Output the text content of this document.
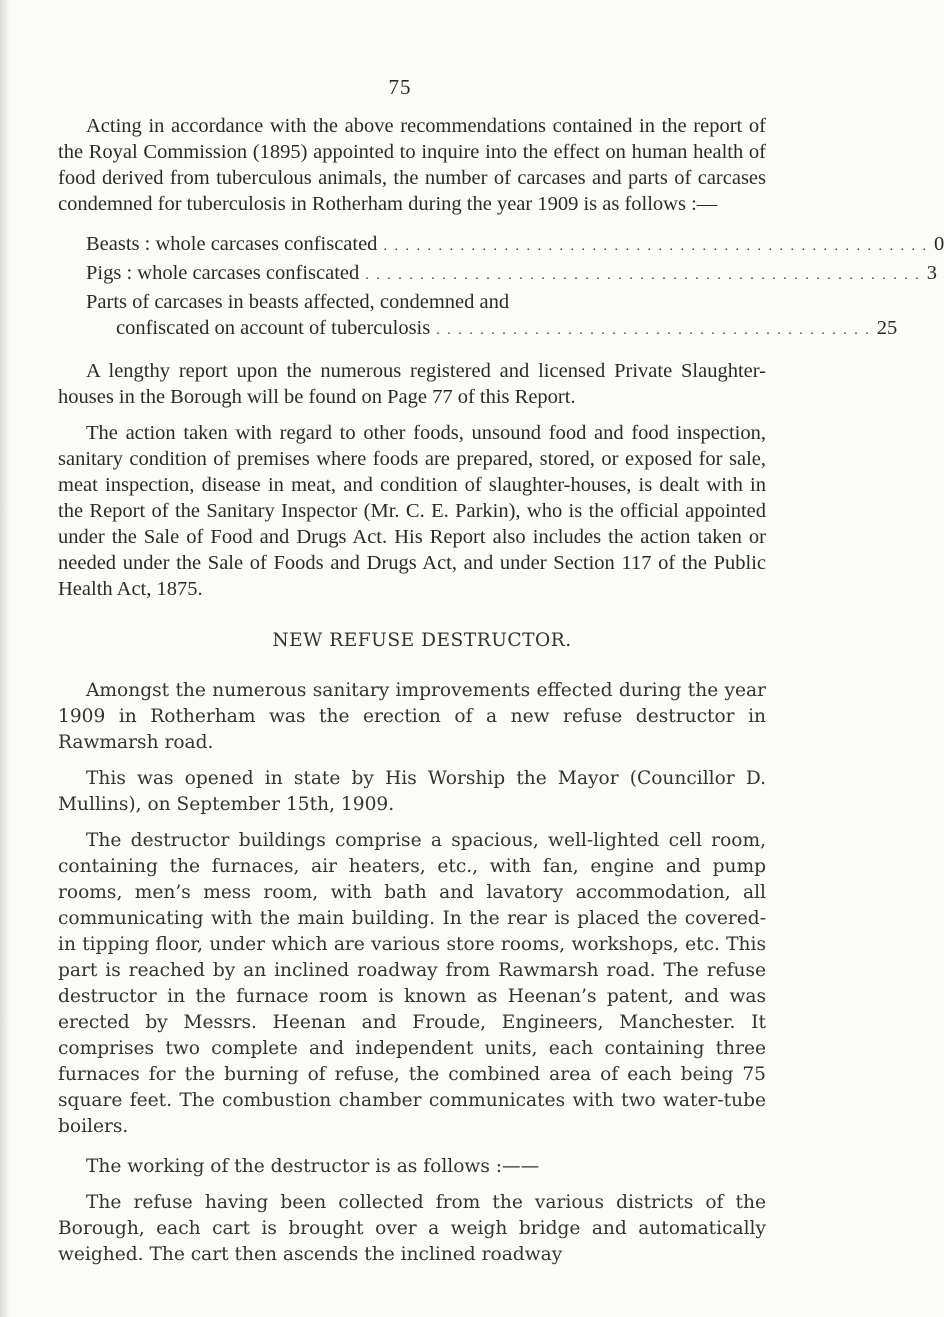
75

Acting in accordance with the above recommendations contained in the report of the Royal Commission (1895) appointed to inquire into the effect on human health of food derived from tuberculous animals, the number of carcases and parts of carcases condemned for tuberculosis in Rotherham during the year 1909 is as follows :—

Beasts : whole carcases confiscated . . . . . . . . . . . . . . . . . . . . . . . . . . . . . . . . . . . . . . . . . . . . . . . . . . 0
Pigs : whole carcases confiscated . . . . . . . . . . . . . . . . . . . . . . . . . . . . . . . . . . . . . . . . . . . . . . . . . . . 3
Parts of carcases in beasts affected, condemned and
confiscated on account of tuberculosis . . . . . . . . . . . . . . . . . . . . . . . . . . . . . . . . . . . . . . . . 25

A lengthy report upon the numerous registered and licensed Private Slaughter-houses in the Borough will be found on Page 77 of this Report.

The action taken with regard to other foods, unsound food and food inspection, sanitary condition of premises where foods are prepared, stored, or exposed for sale, meat inspection, disease in meat, and condition of slaughter-houses, is dealt with in the Report of the Sanitary Inspector (Mr. C. E. Parkin), who is the official appointed under the Sale of Food and Drugs Act. His Report also includes the action taken or needed under the Sale of Foods and Drugs Act, and under Section 117 of the Public Health Act, 1875.

NEW REFUSE DESTRUCTOR.

Amongst the numerous sanitary improvements effected during the year 1909 in Rotherham was the erection of a new refuse destructor in Rawmarsh road.

This was opened in state by His Worship the Mayor (Councillor D. Mullins), on September 15th, 1909.

The destructor buildings comprise a spacious, well-lighted cell room, containing the furnaces, air heaters, etc., with fan, engine and pump rooms, men’s mess room, with bath and lavatory accommodation, all communicating with the main building. In the rear is placed the covered-in tipping floor, under which are various store rooms, workshops, etc. This part is reached by an inclined roadway from Rawmarsh road. The refuse destructor in the furnace room is known as Heenan’s patent, and was erected by Messrs. Heenan and Froude, Engineers, Manchester. It comprises two complete and independent units, each containing three furnaces for the burning of refuse, the combined area of each being 75 square feet. The combustion chamber communicates with two water-tube boilers.

The working of the destructor is as follows :——

The refuse having been collected from the various districts of the Borough, each cart is brought over a weigh bridge and automatically weighed. The cart then ascends the inclined roadway
